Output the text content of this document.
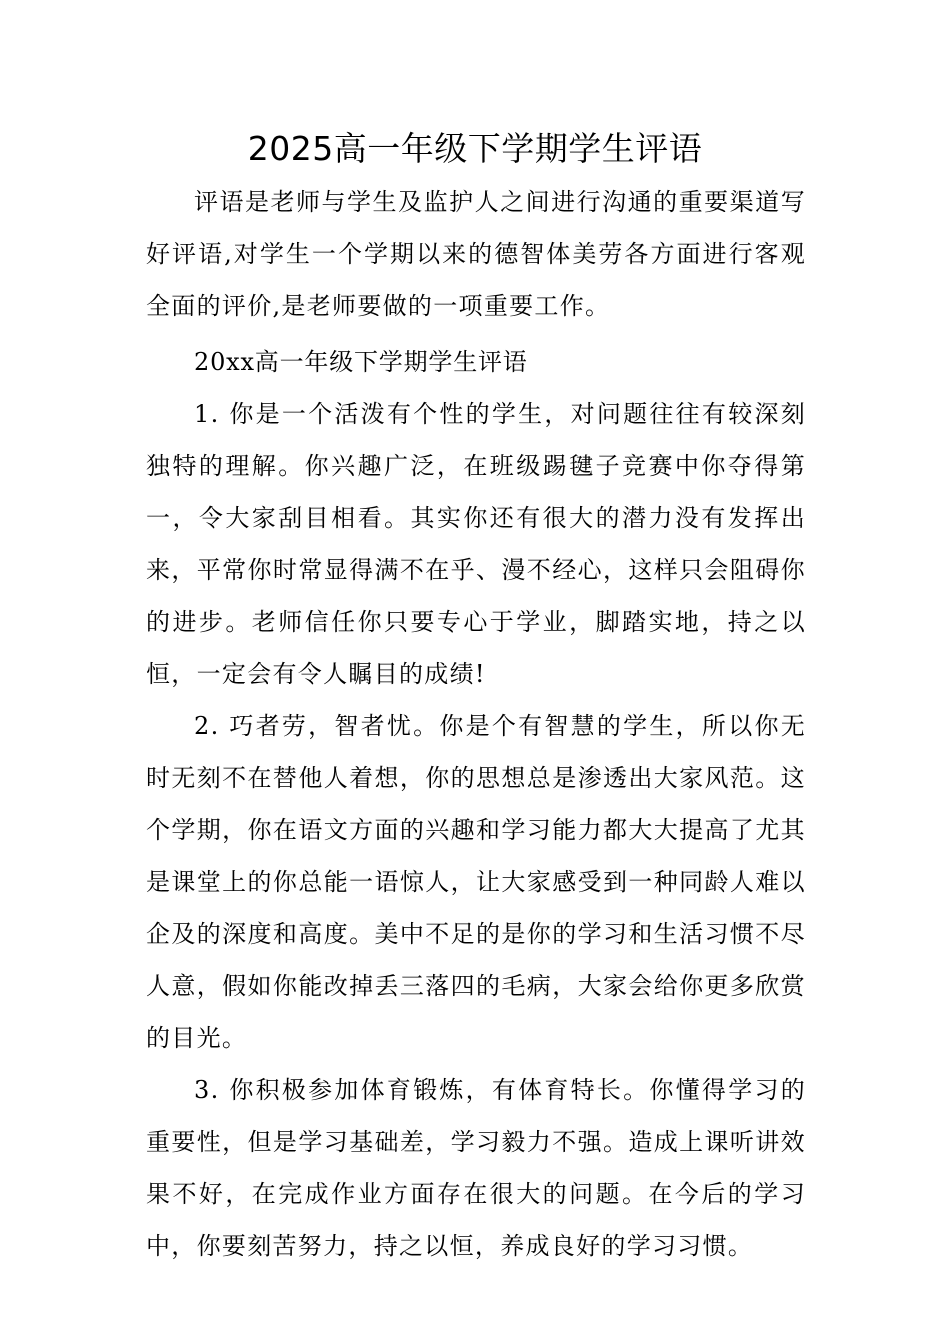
2025高一年级下学期学生评语

评语是老师与学生及监护人之间进行沟通的重要渠道写好评语,对学生一个学期以来的德智体美劳各方面进行客观全面的评价,是老师要做的一项重要工作。

20xx高一年级下学期学生评语

1. 你是一个活泼有个性的学生，对问题往往有较深刻独特的理解。你兴趣广泛，在班级踢毽子竞赛中你夺得第一，令大家刮目相看。其实你还有很大的潜力没有发挥出来，平常你时常显得满不在乎、漫不经心，这样只会阻碍你的进步。老师信任你只要专心于学业，脚踏实地，持之以恒，一定会有令人瞩目的成绩!

2. 巧者劳，智者忧。你是个有智慧的学生，所以你无时无刻不在替他人着想，你的思想总是渗透出大家风范。这个学期，你在语文方面的兴趣和学习能力都大大提高了尤其是课堂上的你总能一语惊人，让大家感受到一种同龄人难以企及的深度和高度。美中不足的是你的学习和生活习惯不尽人意，假如你能改掉丢三落四的毛病，大家会给你更多欣赏的目光。

3. 你积极参加体育锻炼，有体育特长。你懂得学习的重要性，但是学习基础差，学习毅力不强。造成上课听讲效果不好，在完成作业方面存在很大的问题。在今后的学习中，你要刻苦努力，持之以恒，养成良好的学习习惯。
